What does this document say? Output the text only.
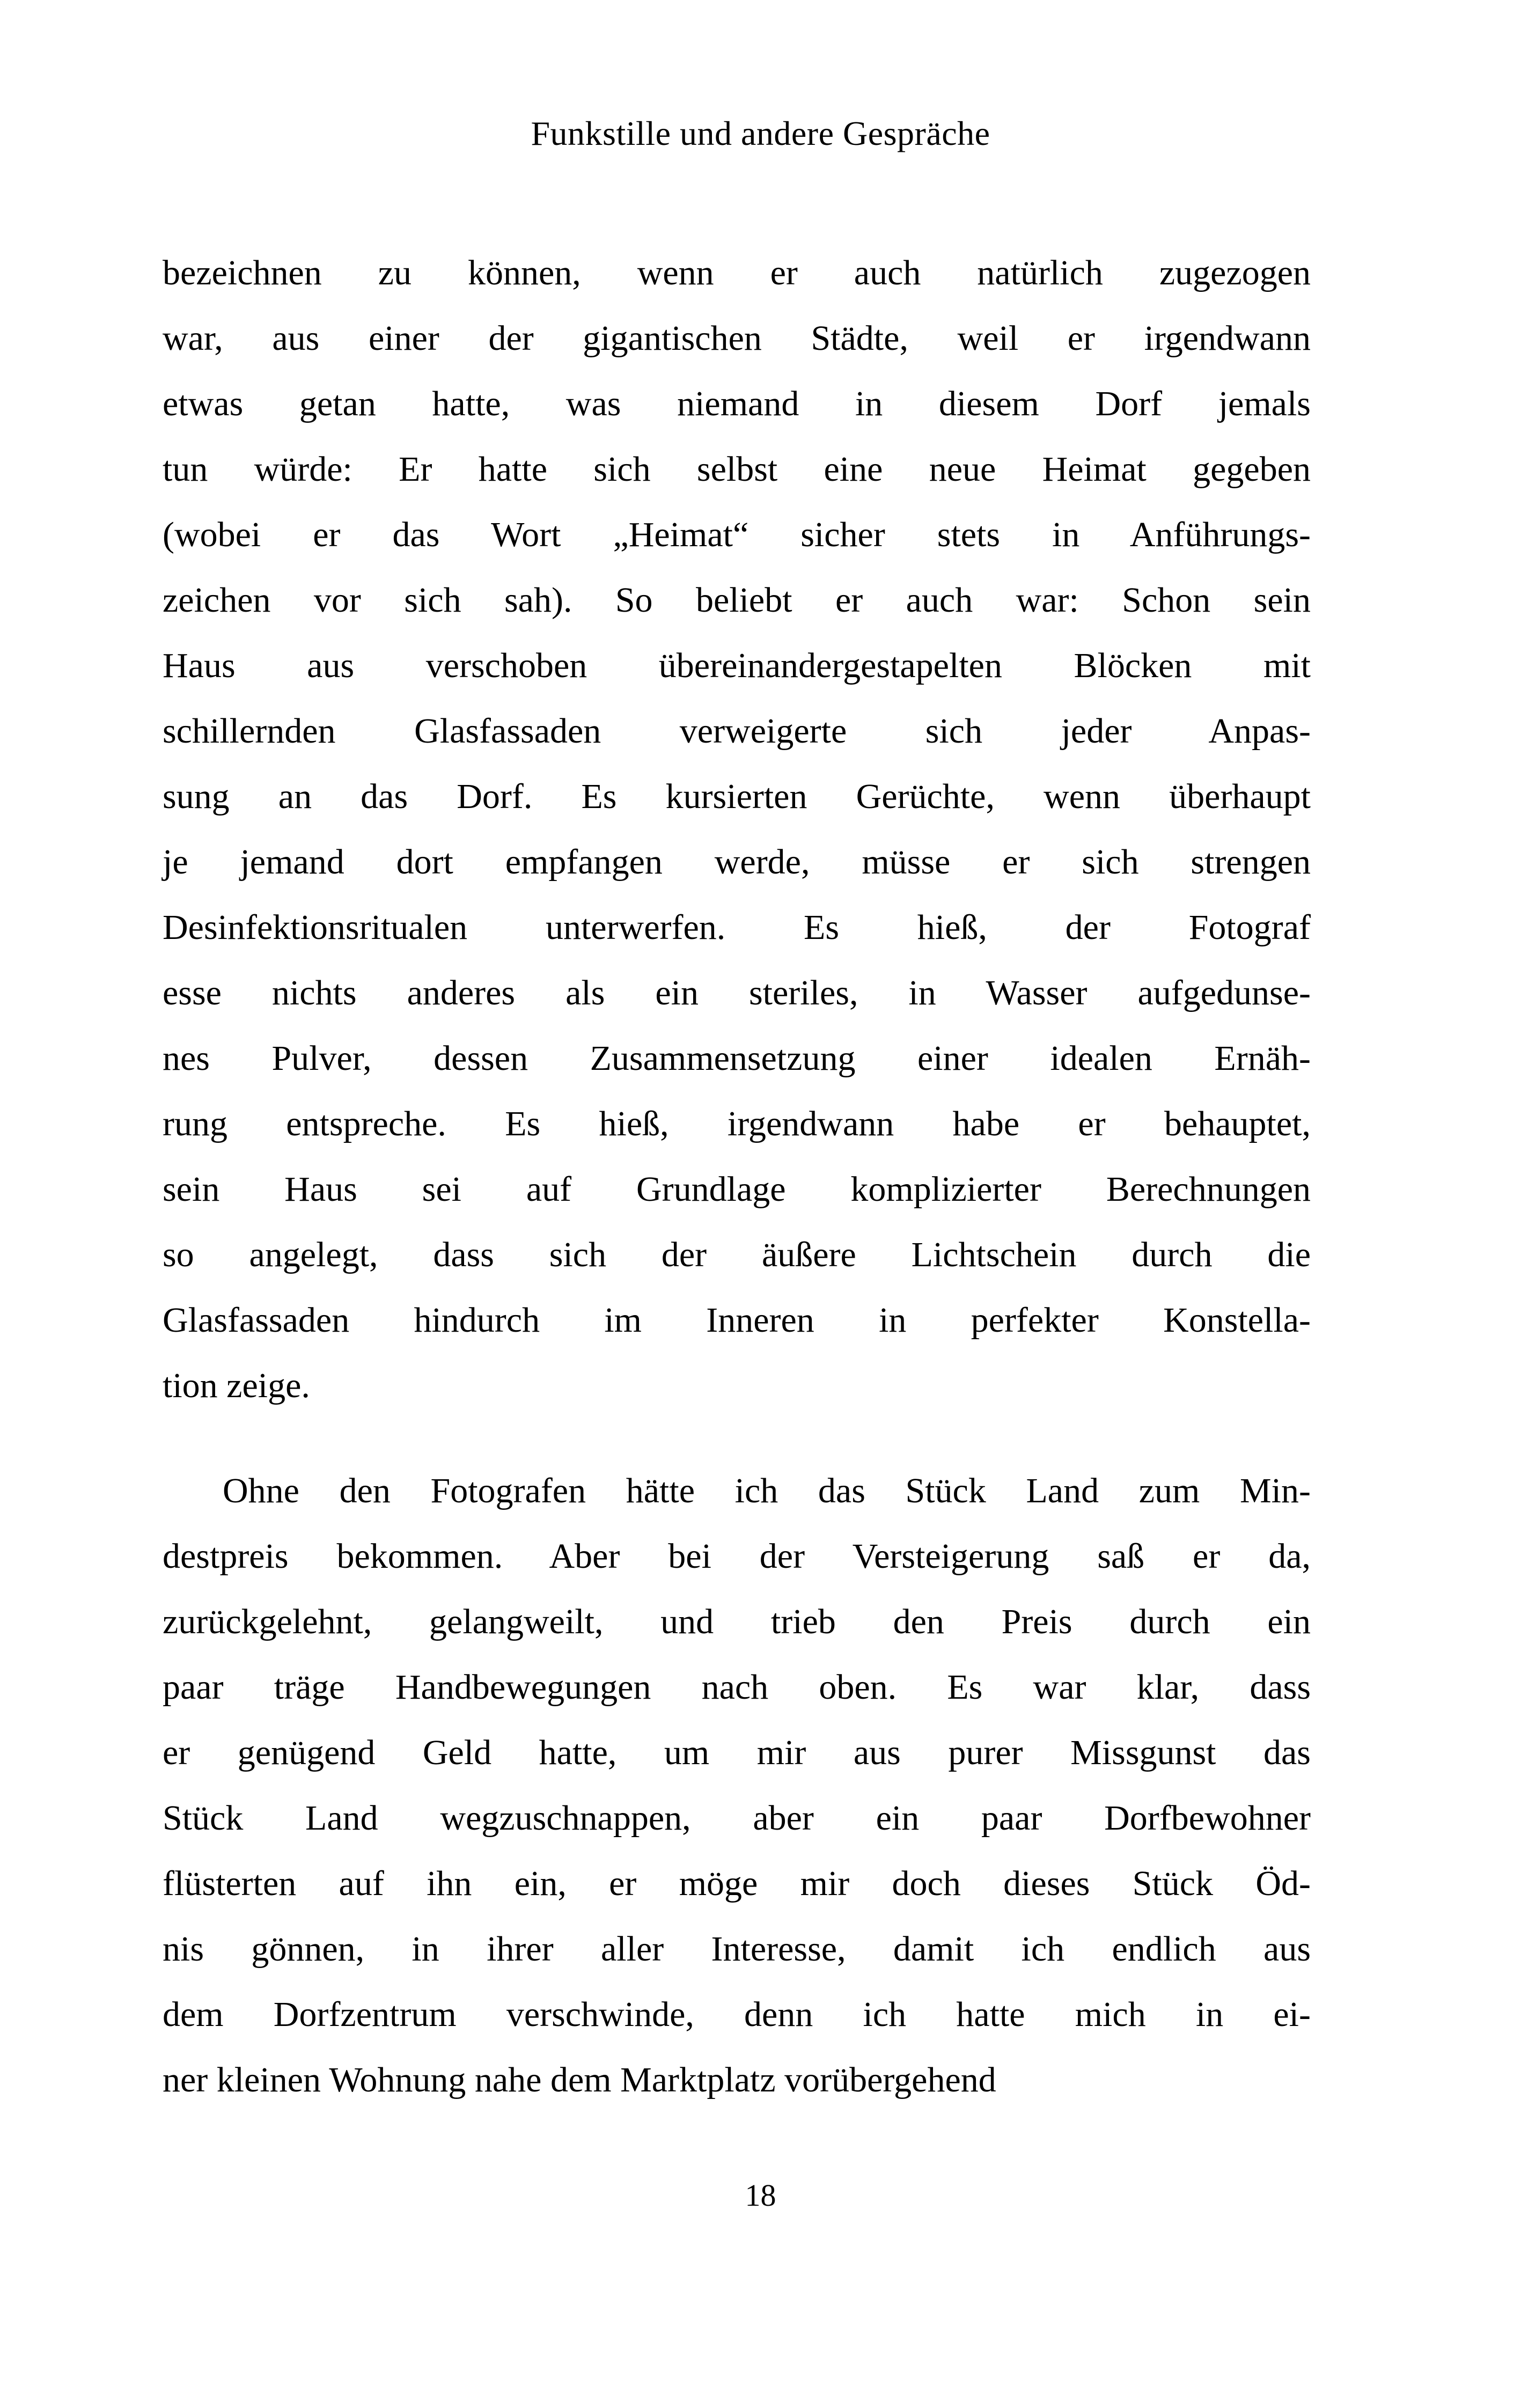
Funkstille und andere Gespräche
bezeichnen zu können, wenn er auch natürlich zugezogen
war, aus einer der gigantischen Städte, weil er irgendwann
etwas getan hatte, was niemand in diesem Dorf jemals
tun würde: Er hatte sich selbst eine neue Heimat gegeben
(wobei er das Wort „Heimat“ sicher stets in Anführungs-
zeichen vor sich sah). So beliebt er auch war: Schon sein
Haus aus verschoben übereinandergestapelten Blöcken mit
schillernden Glasfassaden verweigerte sich jeder Anpas-
sung an das Dorf. Es kursierten Gerüchte, wenn überhaupt
je jemand dort empfangen werde, müsse er sich strengen
Desinfektionsritualen unterwerfen. Es hieß, der Fotograf
esse nichts anderes als ein steriles, in Wasser aufgedunse-
nes Pulver, dessen Zusammensetzung einer idealen Ernäh-
rung entspreche. Es hieß, irgendwann habe er behauptet,
sein Haus sei auf Grundlage komplizierter Berechnungen
so angelegt, dass sich der äußere Lichtschein durch die
Glasfassaden hindurch im Inneren in perfekter Konstella-
tion zeige.
Ohne den Fotografen hätte ich das Stück Land zum Min-
destpreis bekommen. Aber bei der Versteigerung saß er da,
zurückgelehnt, gelangweilt, und trieb den Preis durch ein
paar träge Handbewegungen nach oben. Es war klar, dass
er genügend Geld hatte, um mir aus purer Missgunst das
Stück Land wegzuschnappen, aber ein paar Dorfbewohner
flüsterten auf ihn ein, er möge mir doch dieses Stück Öd-
nis gönnen, in ihrer aller Interesse, damit ich endlich aus
dem Dorfzentrum verschwinde, denn ich hatte mich in ei-
ner kleinen Wohnung nahe dem Marktplatz vorübergehend
18
